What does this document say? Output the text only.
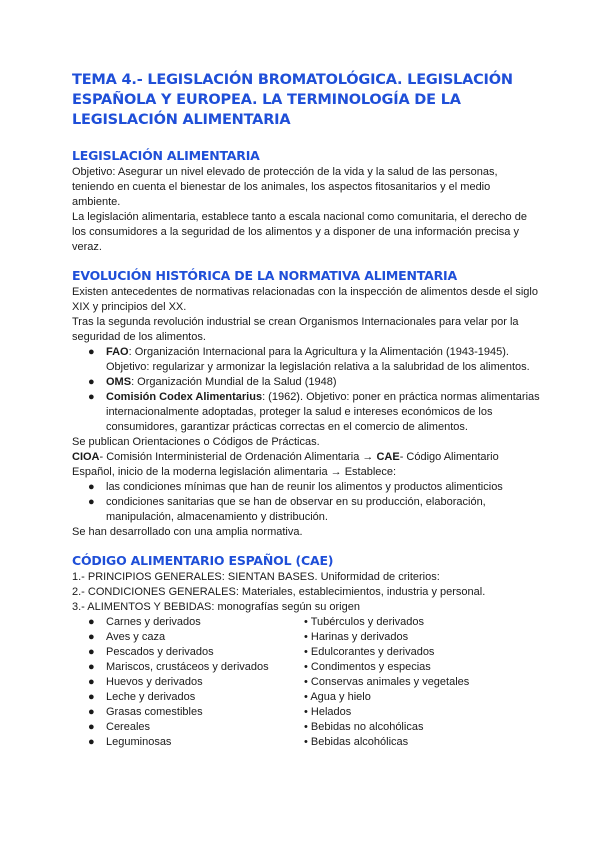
TEMA 4.- LEGISLACIÓN BROMATOLÓGICA. LEGISLACIÓN ESPAÑOLA Y EUROPEA. LA TERMINOLOGÍA DE LA LEGISLACIÓN ALIMENTARIA
LEGISLACIÓN ALIMENTARIA

Objetivo: Asegurar un nivel elevado de protección de la vida y la salud de las personas, teniendo en cuenta el bienestar de los animales, los aspectos fitosanitarios y el medio ambiente.

La legislación alimentaria, establece tanto a escala nacional como comunitaria, el derecho de los consumidores a la seguridad de los alimentos y a disponer de una información precisa y veraz.

EVOLUCIÓN HISTÓRICA DE LA NORMATIVA ALIMENTARIA

Existen antecedentes de normativas relacionadas con la inspección de alimentos desde el siglo XIX y principios del XX.

Tras la segunda revolución industrial se crean Organismos Internacionales para velar por la seguridad de los alimentos.

● FAO: Organización Internacional para la Agricultura y la Alimentación (1943-1945). Objetivo: regularizar y armonizar la legislación relativa a la salubridad de los alimentos.
● OMS: Organización Mundial de la Salud (1948)
● Comisión Codex Alimentarius: (1962). Objetivo: poner en práctica normas alimentarias internacionalmente adoptadas, proteger la salud e intereses económicos de los consumidores, garantizar prácticas correctas en el comercio de alimentos.

Se publican Orientaciones o Códigos de Prácticas.

CIOA- Comisión Interministerial de Ordenación Alimentaria → CAE- Código Alimentario Español, inicio de la moderna legislación alimentaria → Establece:

● las condiciones mínimas que han de reunir los alimentos y productos alimenticios
● condiciones sanitarias que se han de observar en su producción, elaboración, manipulación, almacenamiento y distribución.

Se han desarrollado con una amplia normativa.

CÓDIGO ALIMENTARIO ESPAÑOL (CAE)

1.- PRINCIPIOS GENERALES: SIENTAN BASES. Uniformidad de criterios:

2.- CONDICIONES GENERALES: Materiales, establecimientos, industria y personal.

3.- ALIMENTOS Y BEBIDAS: monografías según su origen

● Carnes y derivados
● Aves y caza
● Pescados y derivados
● Mariscos, crustáceos y derivados
● Huevos y derivados
● Leche y derivados
● Grasas comestibles
● Cereales
● Leguminosas
• Tubérculos y derivados
• Harinas y derivados
• Edulcorantes y derivados
• Condimentos y especias
• Conservas animales y vegetales
• Agua y hielo
• Helados
• Bebidas no alcohólicas
• Bebidas alcohólicas
